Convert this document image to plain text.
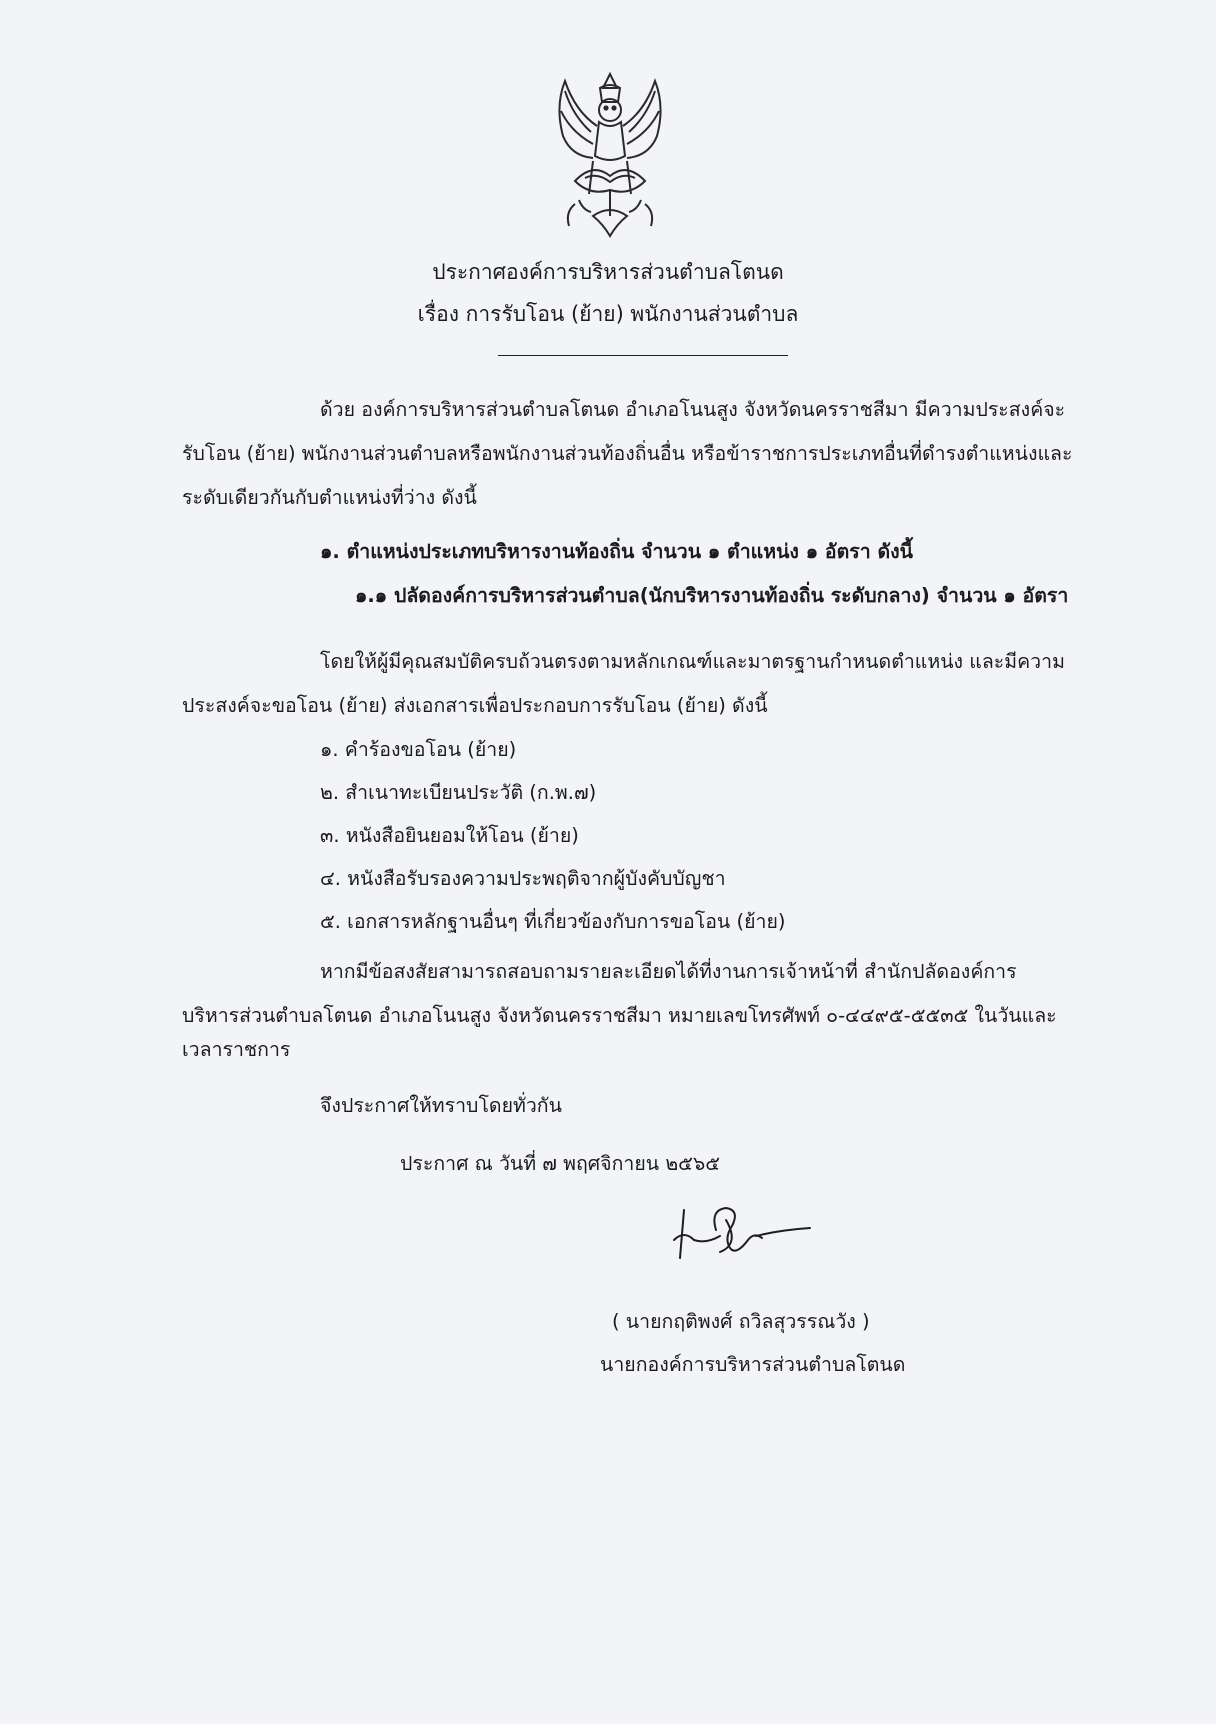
ประกาศองค์การบริหารส่วนตำบลโตนด
เรื่อง การรับโอน (ย้าย) พนักงานส่วนตำบล
ด้วย องค์การบริหารส่วนตำบลโตนด อำเภอโนนสูง จังหวัดนครราชสีมา มีความประสงค์จะ
รับโอน (ย้าย) พนักงานส่วนตำบลหรือพนักงานส่วนท้องถิ่นอื่น หรือข้าราชการประเภทอื่นที่ดำรงตำแหน่งและ
ระดับเดียวกันกับตำแหน่งที่ว่าง ดังนี้
๑. ตำแหน่งประเภทบริหารงานท้องถิ่น จำนวน ๑ ตำแหน่ง ๑ อัตรา ดังนี้
๑.๑ ปลัดองค์การบริหารส่วนตำบล(นักบริหารงานท้องถิ่น ระดับกลาง) จำนวน ๑ อัตรา
โดยให้ผู้มีคุณสมบัติครบถ้วนตรงตามหลักเกณฑ์และมาตรฐานกำหนดตำแหน่ง และมีความ
ประสงค์จะขอโอน (ย้าย) ส่งเอกสารเพื่อประกอบการรับโอน (ย้าย) ดังนี้
๑. คำร้องขอโอน (ย้าย)
๒. สำเนาทะเบียนประวัติ (ก.พ.๗)
๓. หนังสือยินยอมให้โอน (ย้าย)
๔. หนังสือรับรองความประพฤติจากผู้บังคับบัญชา
๕. เอกสารหลักฐานอื่นๆ ที่เกี่ยวข้องกับการขอโอน (ย้าย)
หากมีข้อสงสัยสามารถสอบถามรายละเอียดได้ที่งานการเจ้าหน้าที่ สำนักปลัดองค์การ
บริหารส่วนตำบลโตนด อำเภอโนนสูง จังหวัดนครราชสีมา หมายเลขโทรศัพท์ ๐-๔๔๙๕-๕๕๓๕ ในวันและ
เวลาราชการ
จึงประกาศให้ทราบโดยทั่วกัน
ประกาศ ณ วันที่ ๗ พฤศจิกายน ๒๕๖๕
( นายกฤติพงศ์ ถวิลสุวรรณวัง )
นายกองค์การบริหารส่วนตำบลโตนด
